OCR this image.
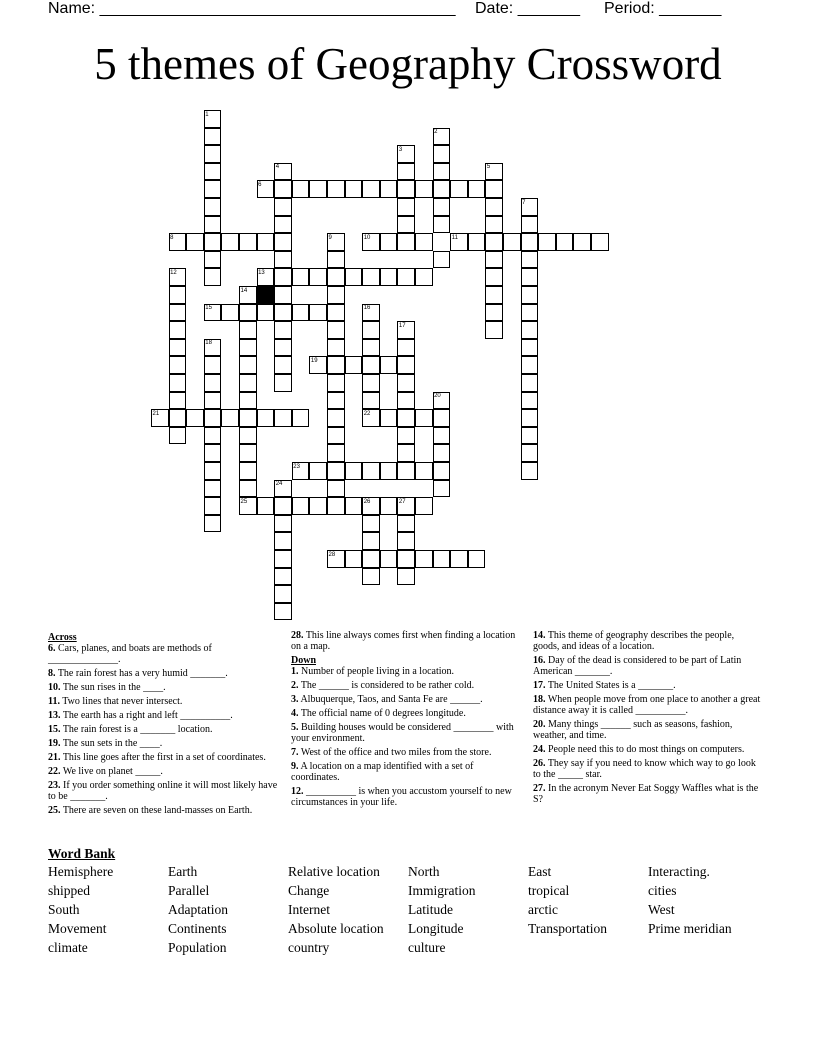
Name: ________________________________________ Date: _______ Period: _______
5 themes of Geography Crossword
1
2
3
4	5
6
7
8	9	10	11
12	13
14
15	16
17
18
19
20
21	22
23
24
25	26	27
28
Across
6. Cars, planes, and boats are methods of ______________.
8. The rain forest has a very humid _______.
10. The sun rises in the ____.
11. Two lines that never intersect.
13. The earth has a right and left __________.
15. The rain forest is a _______ location.
19. The sun sets in the ____.
21. This line goes after the first in a set of coordinates.
22. We live on planet _____.
23. If you order something online it will most likely have to be _______.
25. There are seven on these land-masses on Earth.
28. This line always comes first when finding a location on a map.
Down
1. Number of people living in a location.
2. The ______ is considered to be rather cold.
3. Albuquerque, Taos, and Santa Fe are ______.
4. The official name of 0 degrees longitude.
5. Building houses would be considered ________ with your environment.
7. West of the office and two miles from the store.
9. A location on a map identified with a set of coordinates.
12. __________ is when you accustom yourself to new circumstances in your life.
14. This theme of geography describes the people, goods, and ideas of a location.
16. Day of the dead is considered to be part of Latin American _______.
17. The United States is a _______.
18. When people move from one place to another a great distance away it is called __________.
20. Many things ______ such as seasons, fashion, weather, and time.
24. People need this to do most things on computers.
26. They say if you need to know which way to go look to the _____ star.
27. In the acronym Never Eat Soggy Waffles what is the S?
Word Bank
Hemisphere
shipped
South
Movement
climate
Earth
Parallel
Adaptation
Continents
Population
Relative location
Change
Internet
Absolute location
country
North
Immigration
Latitude
Longitude
culture
East
tropical
arctic
Transportation
Interacting.
cities
West
Prime meridian
